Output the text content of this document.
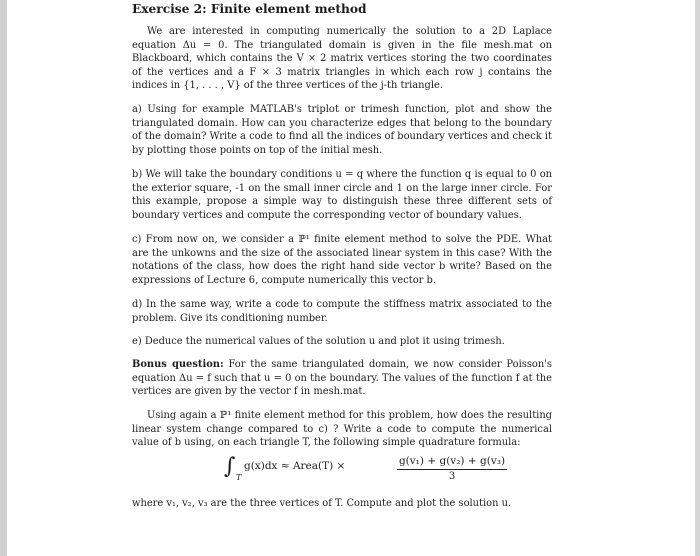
Exercise 2: Finite element method
We are interested in computing numerically the solution to a 2D Laplace equation Δu = 0. The triangulated domain is given in the file mesh.mat on Blackboard, which contains the V × 2 matrix vertices storing the two coordinates of the vertices and a F × 3 matrix triangles in which each row j contains the indices in {1, . . . , V} of the three vertices of the j-th triangle.
a) Using for example MATLAB's triplot or trimesh function, plot and show the triangulated domain. How can you characterize edges that belong to the boundary of the domain? Write a code to find all the indices of boundary vertices and check it by plotting those points on top of the initial mesh.
b) We will take the boundary conditions u = q where the function q is equal to 0 on the exterior square, -1 on the small inner circle and 1 on the large inner circle. For this example, propose a simple way to distinguish these three different sets of boundary vertices and compute the corresponding vector of boundary values.
c) From now on, we consider a ℙ¹ finite element method to solve the PDE. What are the unkowns and the size of the associated linear system in this case? With the notations of the class, how does the right hand side vector b write? Based on the expressions of Lecture 6, compute numerically this vector b.
d) In the same way, write a code to compute the stiffness matrix associated to the problem. Give its conditioning number.
e) Deduce the numerical values of the solution u and plot it using trimesh.
Bonus question: For the same triangulated domain, we now consider Poisson's equation Δu = f such that u = 0 on the boundary. The values of the function f at the vertices are given by the vector f in mesh.mat.
Using again a ℙ¹ finite element method for this problem, how does the resulting linear system change compared to c) ? Write a code to compute the numerical value of b using, on each triangle T, the following simple quadrature formula:
∫ T
g(x)dx ≈ Area(T) ×	$\frac{\text{g(v₁) + g(v₂) + g(v₃)}}{3}$
where v₁, v₂, v₃ are the three vertices of T. Compute and plot the solution u.
